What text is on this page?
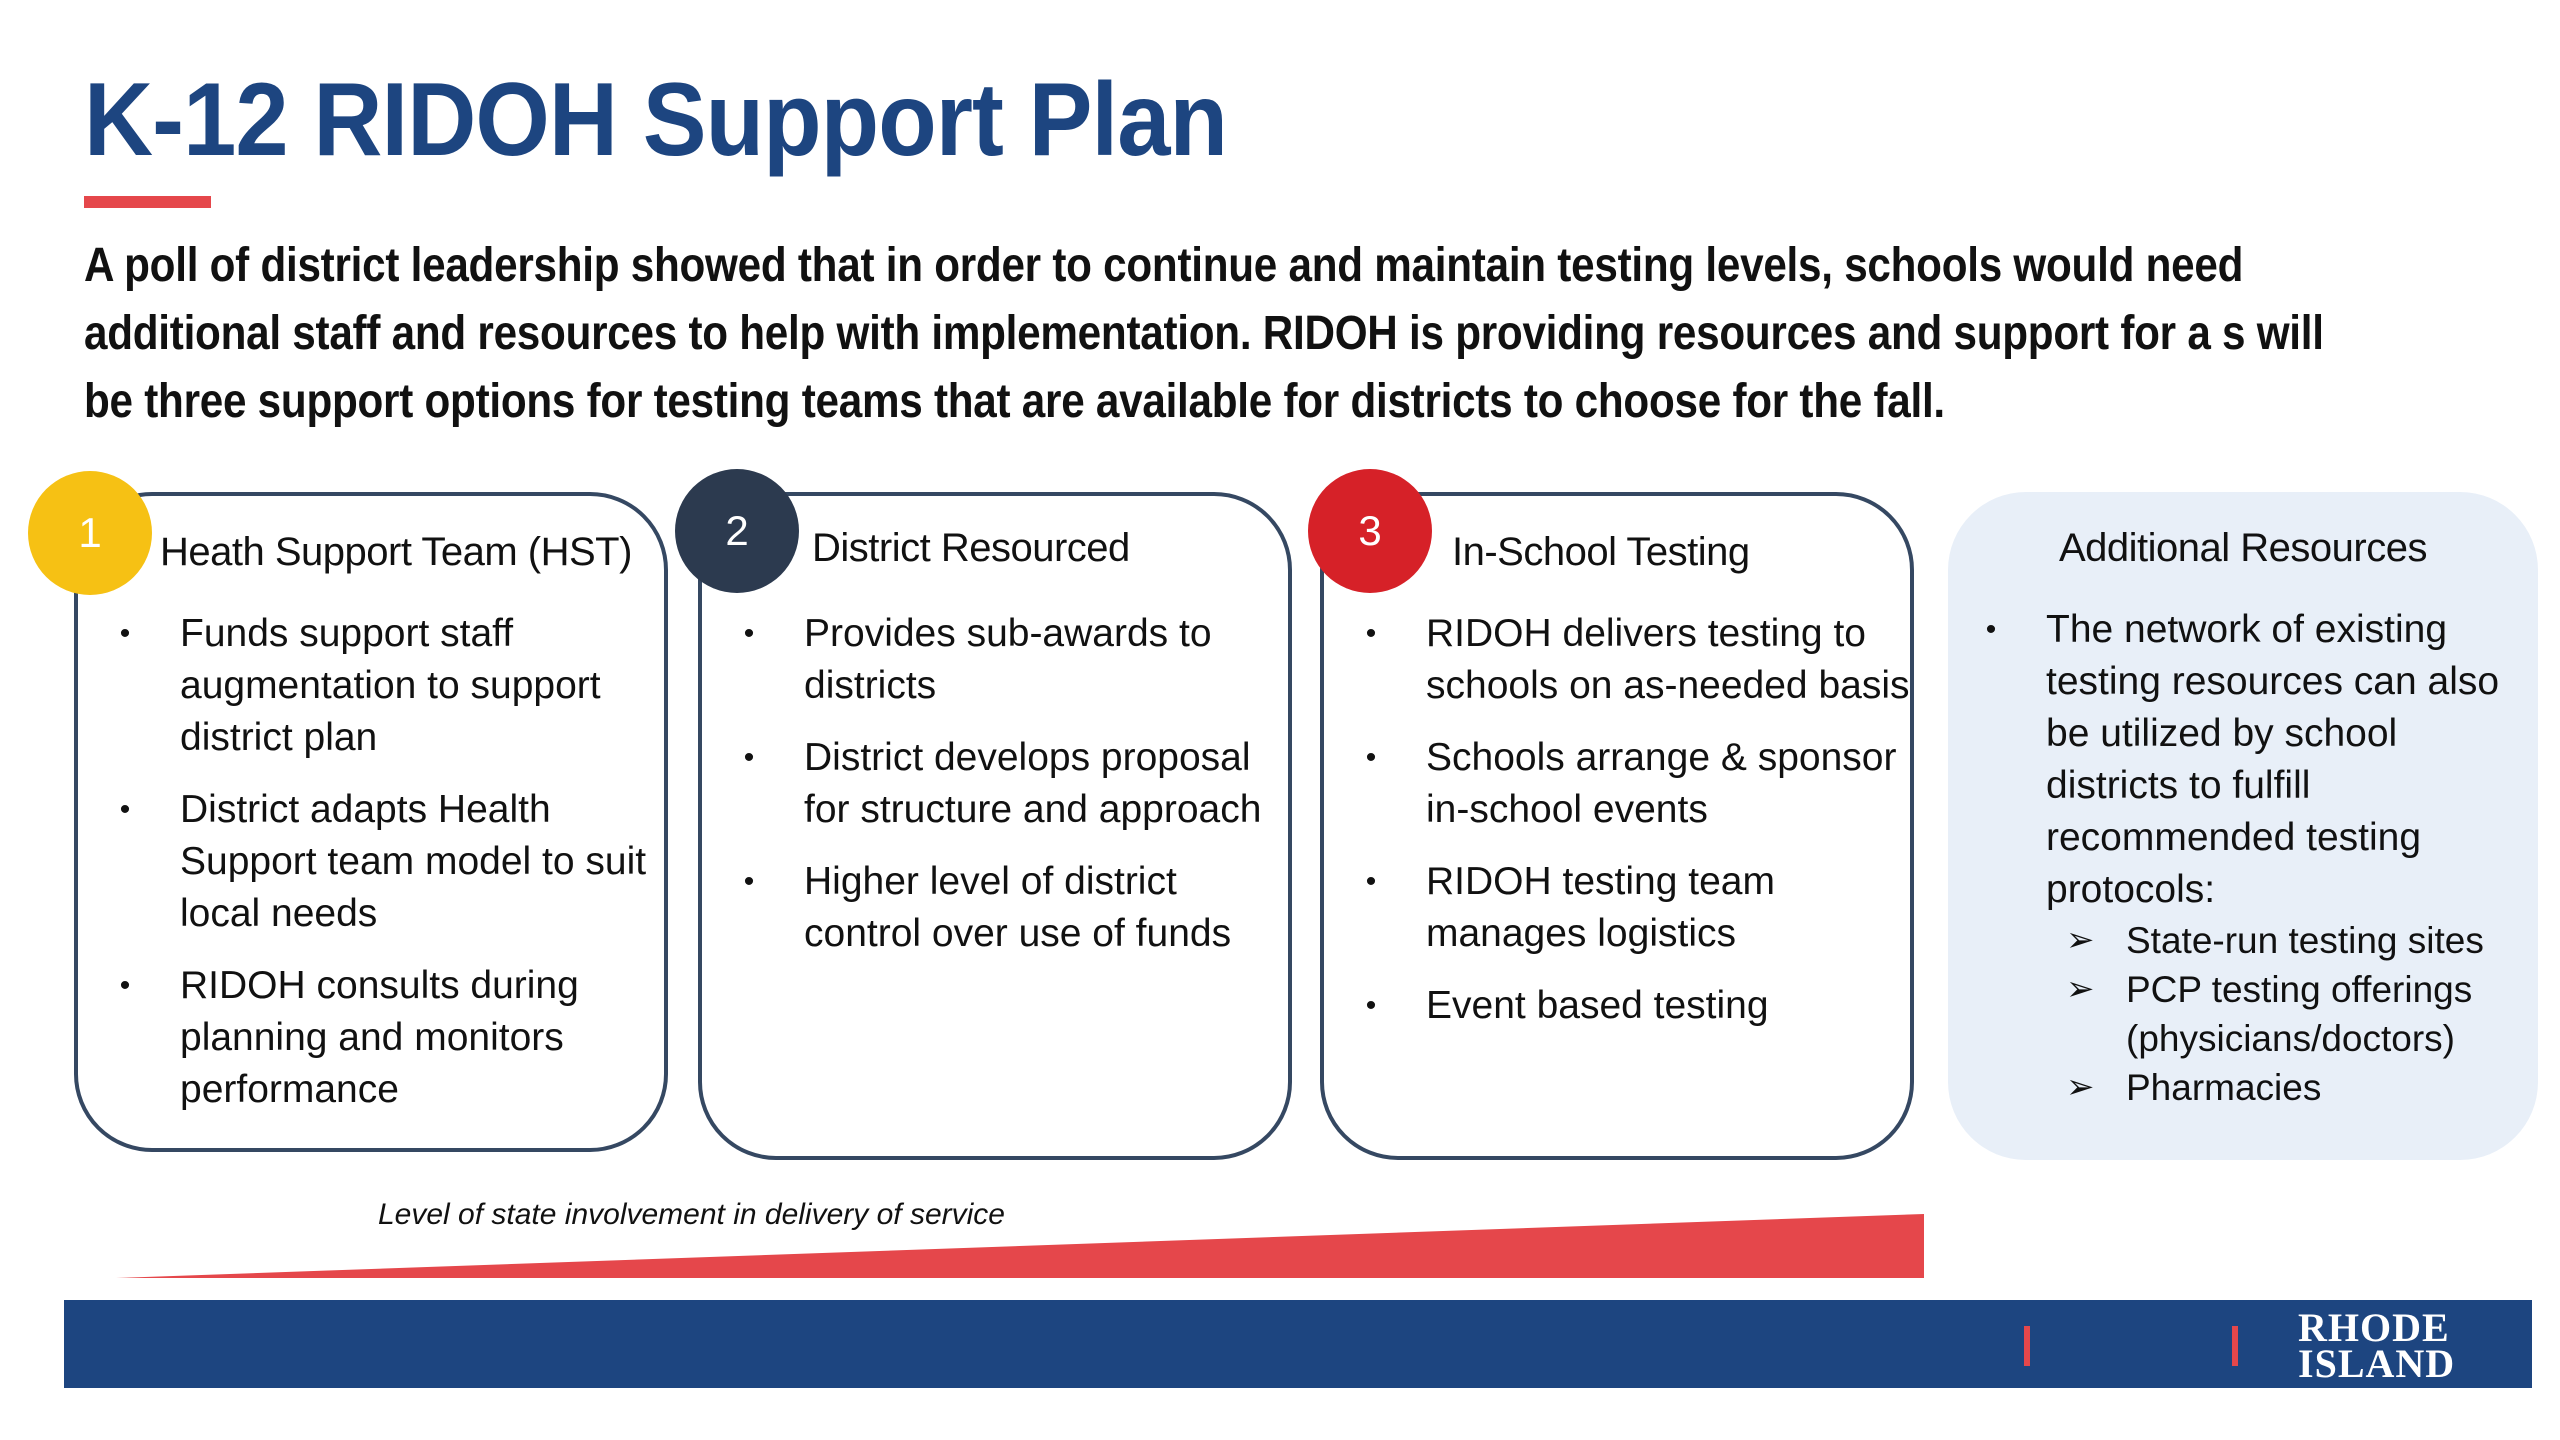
K-12 RIDOH Support Plan

A poll of district leadership showed that in order to continue and maintain testing levels, schools would need
additional staff and resources to help with implementation. RIDOH is providing resources and support for a s will
be three support options for testing teams that are available for districts to choose for the fall.

Heath Support Team (HST)
• Funds support staff augmentation to support district plan
• District adapts Health Support team model to suit local needs
• RIDOH consults during planning and monitors performance
1	District Resourced
• Provides sub-awards to districts
• District develops proposal for structure and approach
• Higher level of district control over use of funds
2	In-School Testing
• RIDOH delivers testing to schools on as-needed basis
• Schools arrange & sponsor in-school events
• RIDOH testing team manages logistics
• Event based testing
3	Additional Resources
• The network of existing testing resources can also be utilized by school districts to fulfill recommended testing protocols:
➢ State-run testing sites
➢ PCP testing offerings (physicians/doctors)
➢ Pharmacies
Level of state involvement in delivery of service
RHODE
ISLAND
